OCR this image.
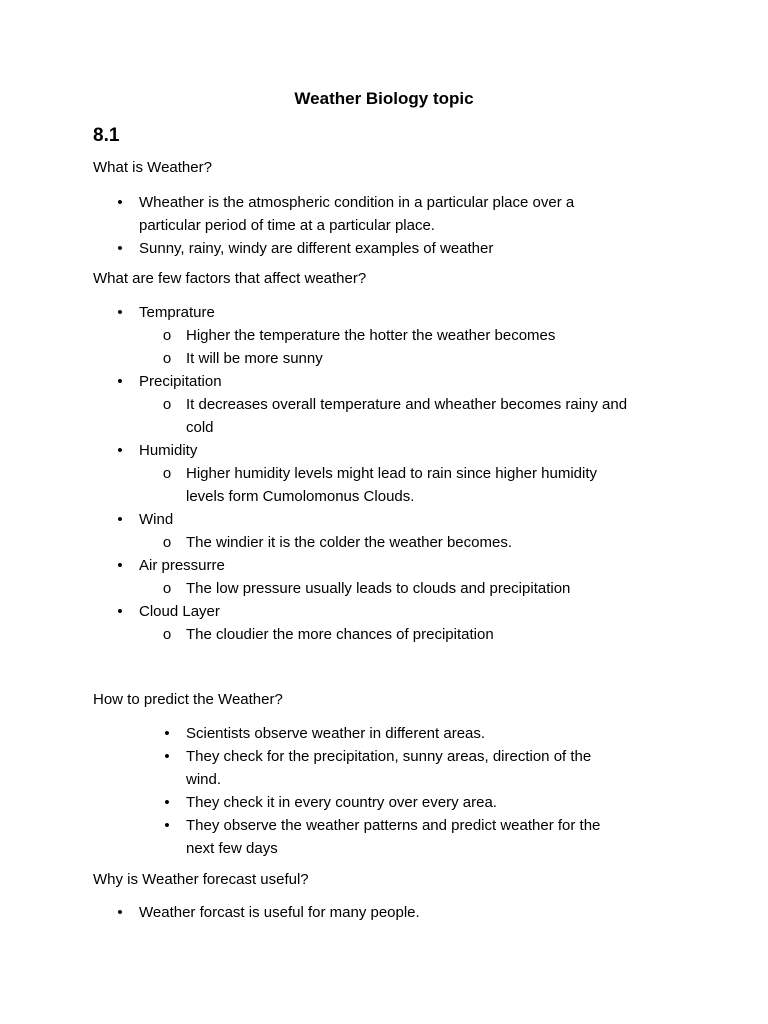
Weather Biology topic
8.1
What is Weather?
• Wheather is the atmospheric condition in a particular place over a
particular period of time at a particular place.
• Sunny, rainy, windy are different examples of weather
What are few factors that affect weather?
• Temprature
o Higher the temperature the hotter the weather becomes
o It will be more sunny
• Precipitation
o It decreases overall temperature and wheather becomes rainy and
cold
• Humidity
o Higher humidity levels might lead to rain since higher humidity
levels form Cumolomonus Clouds.
• Wind
o The windier it is the colder the weather becomes.
• Air pressurre
o The low pressure usually leads to clouds and precipitation
• Cloud Layer
o The cloudier the more chances of precipitation
How to predict the Weather?
• Scientists observe weather in different areas.
• They check for the precipitation, sunny areas, direction of the
wind.
• They check it in every country over every area.
• They observe the weather patterns and predict weather for the
next few days
Why is Weather forecast useful?
• Weather forcast is useful for many people.
